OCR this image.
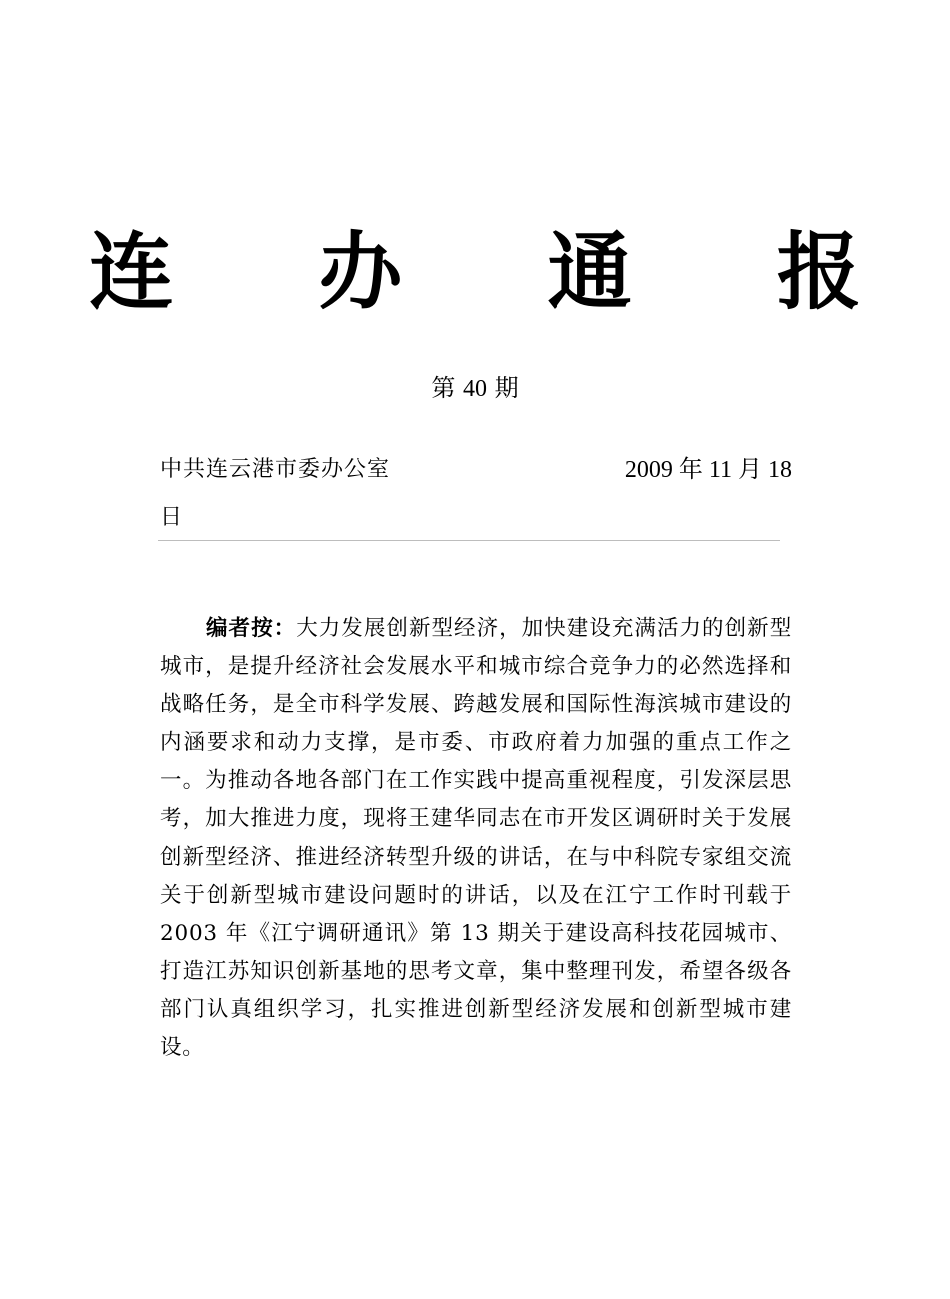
连 办 通 报
第 40 期
中共连云港市委办公室	2009 年 11 月 18
日
编者按：大力发展创新型经济，加快建设充满活力的创新型城市，是提升经济社会发展水平和城市综合竞争力的必然选择和战略任务，是全市科学发展、跨越发展和国际性海滨城市建设的内涵要求和动力支撑，是市委、市政府着力加强的重点工作之一。为推动各地各部门在工作实践中提高重视程度，引发深层思考，加大推进力度，现将王建华同志在市开发区调研时关于发展创新型经济、推进经济转型升级的讲话，在与中科院专家组交流关于创新型城市建设问题时的讲话，以及在江宁工作时刊载于 2003 年《江宁调研通讯》第 13 期关于建设高科技花园城市、打造江苏知识创新基地的思考文章，集中整理刊发，希望各级各部门认真组织学习，扎实推进创新型经济发展和创新型城市建设。
